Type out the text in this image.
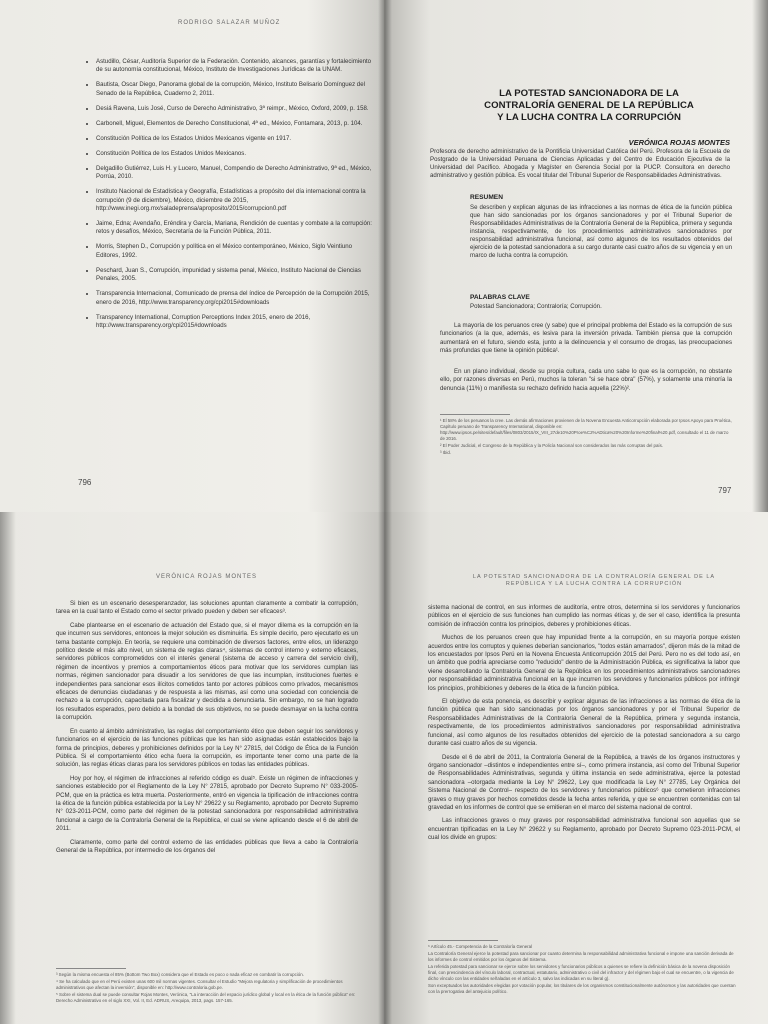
RODRIGO SALAZAR MUÑOZ
• Astudillo, César, Auditoría Superior de la Federación. Contenido, alcances, garantías y fortalecimiento de su autonomía constitucional, México, Instituto de Investigaciones Jurídicas de la UNAM.
• Bautista, Oscar Diego, Panorama global de la corrupción, México, Instituto Belisario Domínguez del Senado de la República, Cuaderno 2, 2011.
• Desiá Ravena, Luis José, Curso de Derecho Administrativo, 3ª reimpr., México, Oxford, 2009, p. 158.
• Carbonell, Miguel, Elementos de Derecho Constitucional, 4ª ed., México, Fontamara, 2013, p. 104.
• Constitución Política de los Estados Unidos Mexicanos vigente en 1917.
• Constitución Política de los Estados Unidos Mexicanos.
• Delgadillo Gutiérrez, Luis H. y Lucero, Manuel, Compendio de Derecho Administrativo, 9ª ed., México, Porrúa, 2010.
• Instituto Nacional de Estadística y Geografía, Estadísticas a propósito del día internacional contra la corrupción (9 de diciembre), México, diciembre de 2015, http://www.inegi.org.mx/saladeprensa/aproposito/2015/corrupcion0.pdf
• Jaime, Edna; Avendaño, Eréndira y García, Mariana, Rendición de cuentas y combate a la corrupción: retos y desafíos, México, Secretaría de la Función Pública, 2011.
• Morris, Stephen D., Corrupción y política en el México contemporáneo, México, Siglo Veintiuno Editores, 1992.
• Peschard, Juan S., Corrupción, impunidad y sistema penal, México, Instituto Nacional de Ciencias Penales, 2005.
• Transparencia Internacional, Comunicado de prensa del índice de Percepción de la Corrupción 2015, enero de 2016, http://www.transparency.org/cpi2015#downloads
• Transparency International, Corruption Perceptions Index 2015, enero de 2016, http://www.transparency.org/cpi2015#downloads
796
LA POTESTAD SANCIONADORA DE LA
CONTRALORÍA GENERAL DE LA REPÚBLICA
Y LA LUCHA CONTRA LA CORRUPCIÓN
VERÓNICA ROJAS MONTES
Profesora de derecho administrativo de la Pontificia Universidad Católica del Perú. Profesora de la Escuela de Postgrado de la Universidad Peruana de Ciencias Aplicadas y del Centro de Educación Ejecutiva de la Universidad del Pacífico. Abogada y Magíster en Gerencia Social por la PUCP. Consultora en derecho administrativo y gestión pública. Es vocal titular del Tribunal Superior de Responsabilidades Administrativas.
RESUMEN
Se describen y explican algunas de las infracciones a las normas de ética de la función pública que han sido sancionadas por los órganos sancionadores y por el Tribunal Superior de Responsabilidades Administrativas de la Contraloría General de la República, primera y segunda instancia, respectivamente, de los procedimientos administrativos sancionadores por responsabilidad administrativa funcional, así como algunos de los resultados obtenidos del ejercicio de la potestad sancionadora a su cargo durante casi cuatro años de su vigencia y en un marco de lucha contra la corrupción.
PALABRAS CLAVE
Potestad Sancionadora; Contraloría; Corrupción.

La mayoría de los peruanos cree (y sabe) que el principal problema del Estado es la corrupción de sus funcionarios (a la que, además, es lesiva para la inversión privada. También piensa que la corrupción aumentará en el futuro, siendo esta, junto a la delincuencia y el consumo de drogas, las preocupaciones más profundas que tiene la opinión pública¹.

En un plano individual, desde su propia cultura, cada uno sabe lo que es la corrupción, no obstante ello, por razones diversas en Perú, muchos la toleran "si se hace obra" (57%), y solamente una minoría la denuncia (11%) o manifiesta su rechazo definido hacia aquella (22%)².

¹ El 58% de los peruanos la cree. Las demás afirmaciones provienen de la Novena Encuesta Anticorrupción elaborada por Ipsos Apoyo para Proética, Capítulo peruano de Transparency International, disponible en: http://www.ipsos.pe/sites/default/files/0803/2015/IX_VIII_27de10%20Proe%C2%ADtica%20%20Informe%20final%20.pdf, consultado el 11 de marzo de 2016.
² El Poder Judicial, el Congreso de la República y la Policía Nacional son considerados las más corruptas del país.
³ Ibid.
797
VERÓNICA ROJAS MONTES

Si bien es un escenario desesperanzador, las soluciones apuntan claramente a combatir la corrupción, tarea en la cual tanto el Estado como el sector privado pueden y deben ser eficaces³.

Cabe plantearse en el escenario de actuación del Estado que, si el mayor dilema es la corrupción en la que incurren sus servidores, entonces la mejor solución es disminuirla. Es simple decirlo, pero ejecutarlo es un tema bastante complejo. En teoría, se requiere una combinación de diversos factores, entre ellos, un liderazgo político desde el más alto nivel, un sistema de reglas claras⁴, sistemas de control interno y externo eficaces, servidores públicos comprometidos con el interés general (sistema de acceso y carrera del servicio civil), régimen de incentivos y premios a comportamientos éticos para motivar que los servidores cumplan las normas, régimen sancionador para disuadir a los servidores de que las incumplan, instituciones fuertes e independientes para sancionar esos ilícitos cometidos tanto por actores públicos como privados, mecanismos eficaces de denuncias ciudadanas y de respuesta a las mismas, así como una sociedad con conciencia de rechazo a la corrupción, capacitada para fiscalizar y decidida a denunciarla. Sin embargo, no se han logrado los resultados esperados, pero debido a la bondad de sus objetivos, no se puede desmayar en la lucha contra la corrupción.

En cuanto al ámbito administrativo, las reglas del comportamiento ético que deben seguir los servidores y funcionarios en el ejercicio de las funciones públicas que les han sido asignadas están establecidos bajo la forma de principios, deberes y prohibiciones definidos por la Ley N° 27815, del Código de Ética de la Función Pública. Si el comportamiento ético echa fuera la corrupción, es importante tener como una parte de la solución, las reglas éticas claras para los servidores públicos en todas las entidades públicas.

Hoy por hoy, el régimen de infracciones al referido código es dual⁵. Existe un régimen de infracciones y sanciones establecido por el Reglamento de la Ley N° 27815, aprobado por Decreto Supremo N° 033-2005-PCM, que en la práctica es letra muerta. Posteriormente, entró en vigencia la tipificación de infracciones contra la ética de la función pública establecida por la Ley N° 29622 y su Reglamento, aprobado por Decreto Supremo N° 023-2011-PCM, como parte del régimen de la potestad sancionadora por responsabilidad administrativa funcional a cargo de la Contraloría General de la República, el cual se viene aplicando desde el 6 de abril de 2011.

Claramente, como parte del control externo de las entidades públicas que lleva a cabo la Contraloría General de la República, por intermedio de los órganos del

³ Según la misma encuesta el 85% (Bottom Two Box) considera que el Estado es poco o nada eficaz en combatir la corrupción.
⁴ Se ha calculado que en el Perú existen unas 600 mil normas vigentes. Consultar el Estudio "Mejora regulatoria y simplificación de procedimientos administrativos que afectan la inversión", disponible en: http://www.contraloria.gob.pe.
⁵ Sobre el sistema dual se puede consultar Rojas Montes, Verónica, "La interacción del espacio jurídico global y local en la ética de la función pública" en: Derecho Administrativo en el siglo XXI, Vol. II, Ed. ADRUS, Arequipa, 2013, pags. 157-165.
LA POTESTAD SANCIONADORA DE LA CONTRALORÍA GENERAL DE LA REPÚBLICA Y LA LUCHA CONTRA LA CORRUPCIÓN

sistema nacional de control, en sus informes de auditoría, entre otros, determina si los servidores y funcionarios públicos en el ejercicio de sus funciones han cumplido las normas éticas y, de ser el caso, identifica la presunta comisión de infracción contra los principios, deberes y prohibiciones éticas.

Muchos de los peruanos creen que hay impunidad frente a la corrupción, en su mayoría porque existen acuerdos entre los corruptos y quienes deberían sancionarlos, "todos están amarrados", dijeron más de la mitad de los encuestados por Ipsos Perú en la Novena Encuesta Anticorrupción 2015 del Perú. Pero no es del todo así, en un ámbito que podría apreciarse como "reducido" dentro de la Administración Pública, es significativa la labor que viene desarrollando la Contraloría General de la República en los procedimientos administrativos sancionadores por responsabilidad administrativa funcional en la que incurren los servidores y funcionarios públicos por infringir los principios, prohibiciones y deberes de la ética de la función pública.

El objetivo de esta ponencia, es describir y explicar algunas de las infracciones a las normas de ética de la función pública que han sido sancionadas por los órganos sancionadores y por el Tribunal Superior de Responsabilidades Administrativas de la Contraloría General de la República, primera y segunda instancia, respectivamente, de los procedimientos administrativos sancionadores por responsabilidad administrativa funcional, así como algunos de los resultados obtenidos del ejercicio de la potestad sancionadora a su cargo durante casi cuatro años de su vigencia.

Desde el 6 de abril de 2011, la Contraloría General de la República, a través de los órganos instructores y órgano sancionador –distintos e independientes entre sí–, como primera instancia, así como del Tribunal Superior de Responsabilidades Administrativas, segunda y última instancia en sede administrativa, ejerce la potestad sancionadora –otorgada mediante la Ley N° 29622, Ley que modificada la Ley N° 27785, Ley Orgánica del Sistema Nacional de Control– respecto de los servidores y funcionarios públicos⁶ que cometieron infracciones graves o muy graves por hechos cometidos desde la fecha antes referida, y que se encuentren contenidas con tal gravedad en los informes de control que se emitieran en el marco del sistema nacional de control.

Las infracciones graves o muy graves por responsabilidad administrativa funcional son aquellas que se encuentran tipificadas en la Ley N° 29622 y su Reglamento, aprobado por Decreto Supremo 023-2011-PCM, el cual los divide en grupos:

⁶ Artículo 45.- Competencia de la Contraloría General
La Contraloría General ejerce la potestad para sancionar por cuanto determina la responsabilidad administrativa funcional e impone una sanción derivada de los informes de control emitidos por los órganos del Sistema.
La referida potestad para sancionar se ejerce sobre los servidores y funcionarios públicos a quienes se refiere la definición básica de la novena disposición final, con prescindencia del vínculo laboral, contractual, estatutario, administrativo o civil del infractor y del régimen bajo el cual se encuentre, o la vigencia de dicho vínculo con las entidades señaladas en el artículo 3, salvo las indicadas en su literal g).
Son exceptuados las autoridades elegidas por votación popular, los titulares de los organismos constitucionalmente autónomos y las autoridades que cuentan con la prerrogativa del antejuicio político.
